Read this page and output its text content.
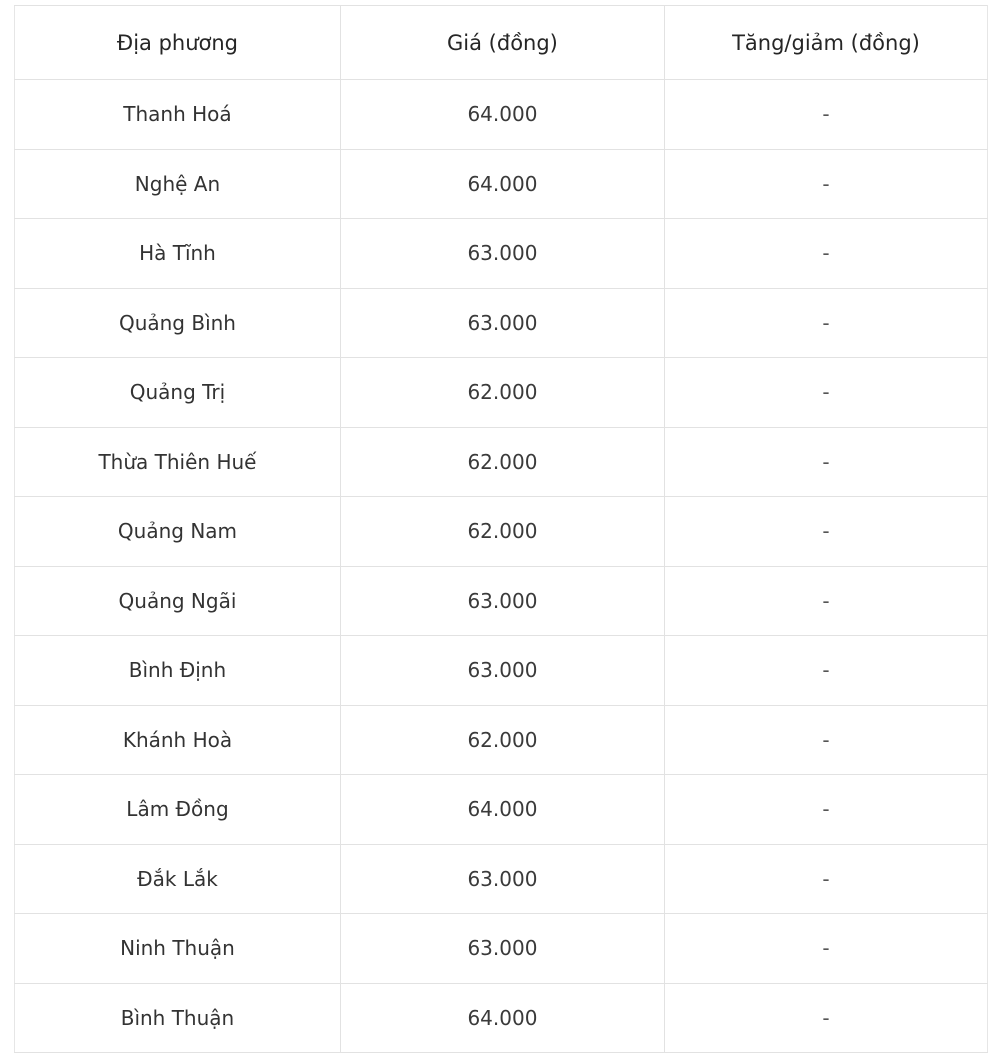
Địa phương	Giá (đồng)	Tăng/giảm (đồng)
Thanh Hoá	64.000	-
Nghệ An	64.000	-
Hà Tĩnh	63.000	-
Quảng Bình	63.000	-
Quảng Trị	62.000	-
Thừa Thiên Huế	62.000	-
Quảng Nam	62.000	-
Quảng Ngãi	63.000	-
Bình Định	63.000	-
Khánh Hoà	62.000	-
Lâm Đồng	64.000	-
Đắk Lắk	63.000	-
Ninh Thuận	63.000	-
Bình Thuận	64.000	-
